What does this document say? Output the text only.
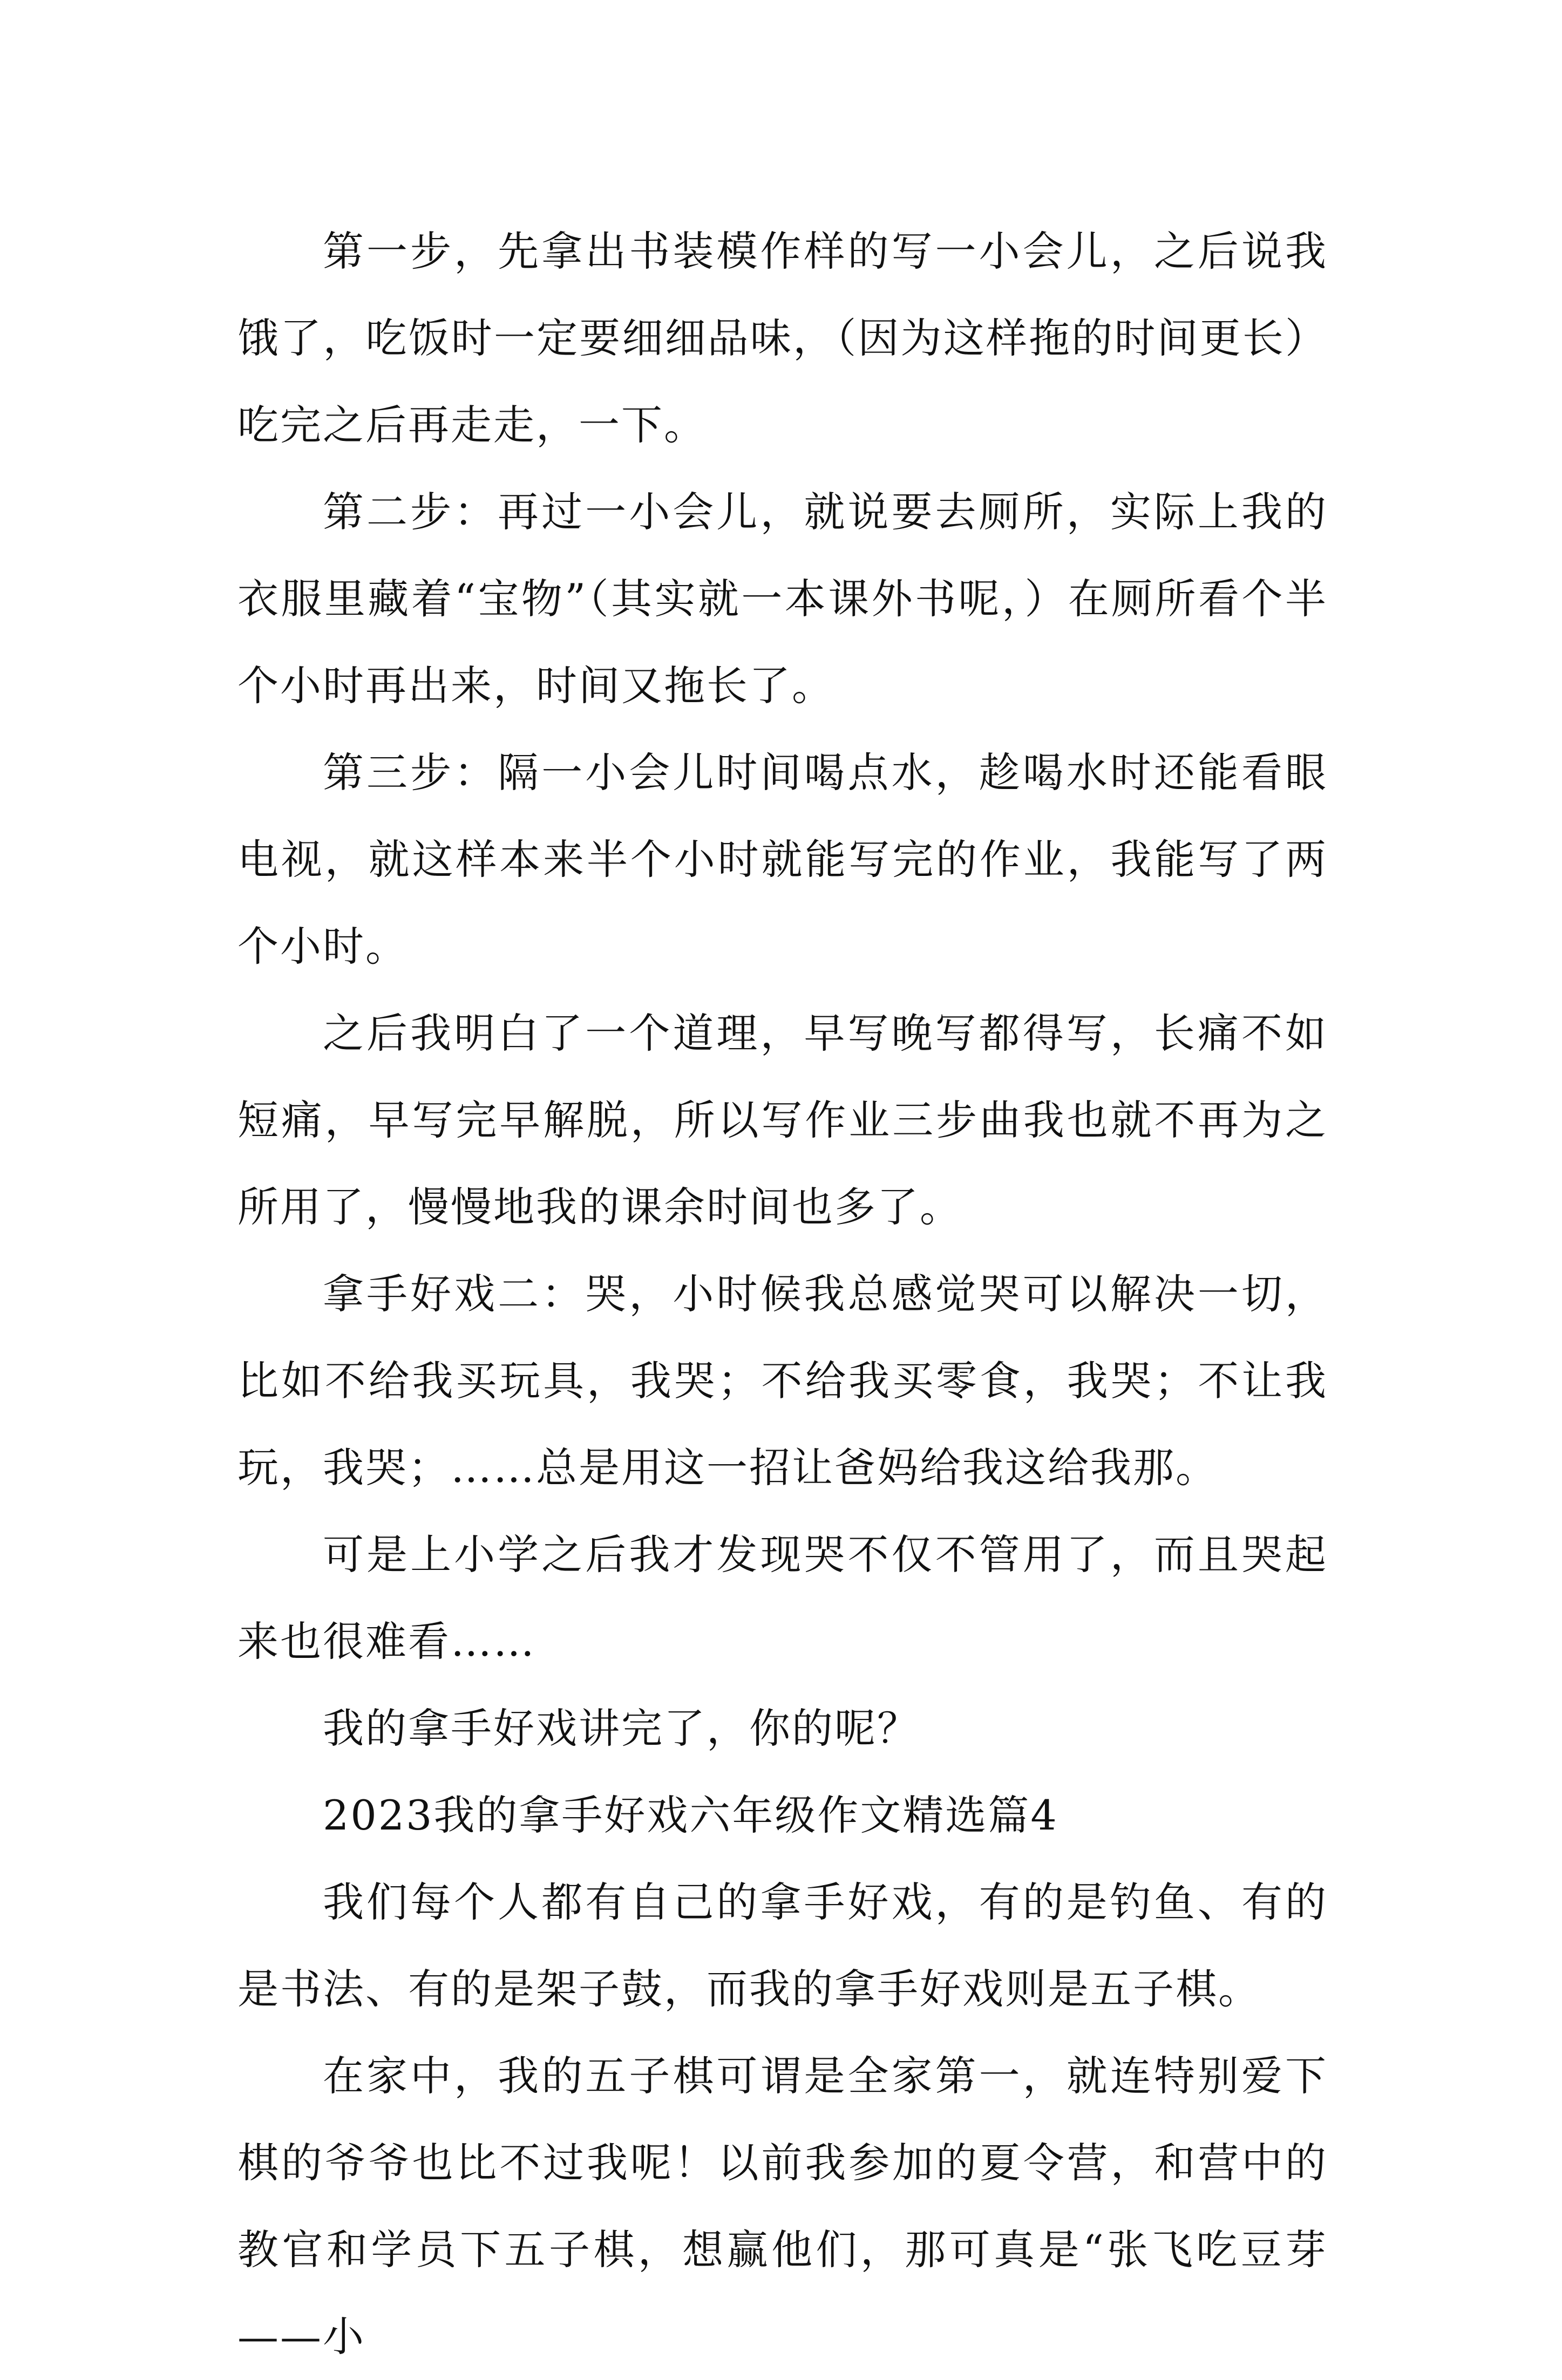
第一步，先拿出书装模作样的写一小会儿，之后说我饿了，吃饭时一定要细细品味，（因为这样拖的时间更长）吃完之后再走走，一下。

第二步：再过一小会儿，就说要去厕所，实际上我的衣服里藏着“宝物”（其实就一本课外书呢，）在厕所看个半个小时再出来，时间又拖长了。

第三步：隔一小会儿时间喝点水，趁喝水时还能看眼电视，就这样本来半个小时就能写完的作业，我能写了两个小时。

之后我明白了一个道理，早写晚写都得写，长痛不如短痛，早写完早解脱，所以写作业三步曲我也就不再为之所用了，慢慢地我的课余时间也多了。

拿手好戏二：哭，小时候我总感觉哭可以解决一切，比如不给我买玩具，我哭；不给我买零食，我哭；不让我玩，我哭；……总是用这一招让爸妈给我这给我那。

可是上小学之后我才发现哭不仅不管用了，而且哭起来也很难看……

我的拿手好戏讲完了，你的呢？

2023我的拿手好戏六年级作文精选篇4

我们每个人都有自己的拿手好戏，有的是钓鱼、有的是书法、有的是架子鼓，而我的拿手好戏则是五子棋。

在家中，我的五子棋可谓是全家第一，就连特别爱下棋的爷爷也比不过我呢！以前我参加的夏令营，和营中的教官和学员下五子棋，想赢他们，那可真是“张飞吃豆芽——小
